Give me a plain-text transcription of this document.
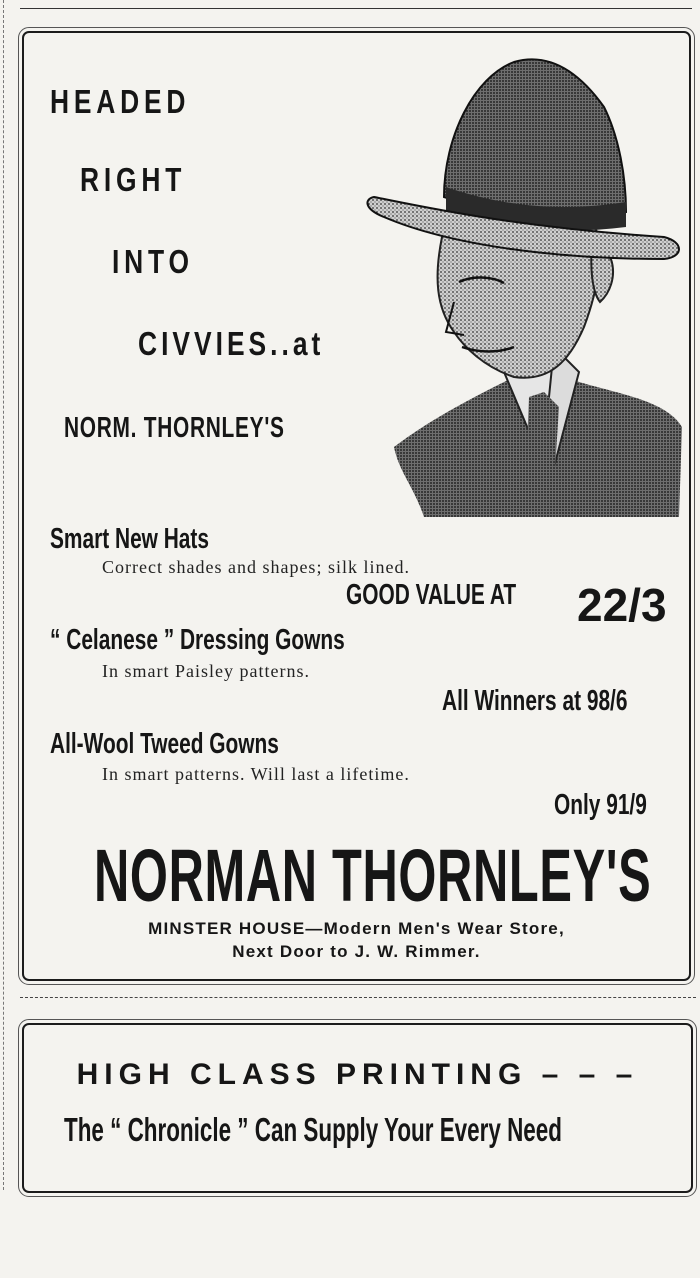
HEADED
RIGHT
INTO
CIVVIES..at
NORM. THORNLEY'S
Smart New Hats
Correct shades and shapes; silk lined.
GOOD VALUE AT	22/3
“ Celanese ” Dressing Gowns
In smart Paisley patterns.
All Winners at 98/6
All-Wool Tweed Gowns
In smart patterns. Will last a lifetime.
Only 91/9
NORMAN THORNLEY'S
MINSTER HOUSE—Modern Men's Wear Store,
Next Door to J. W. Rimmer.
HIGH CLASS PRINTING – – –
The “ Chronicle ” Can Supply Your Every Need
